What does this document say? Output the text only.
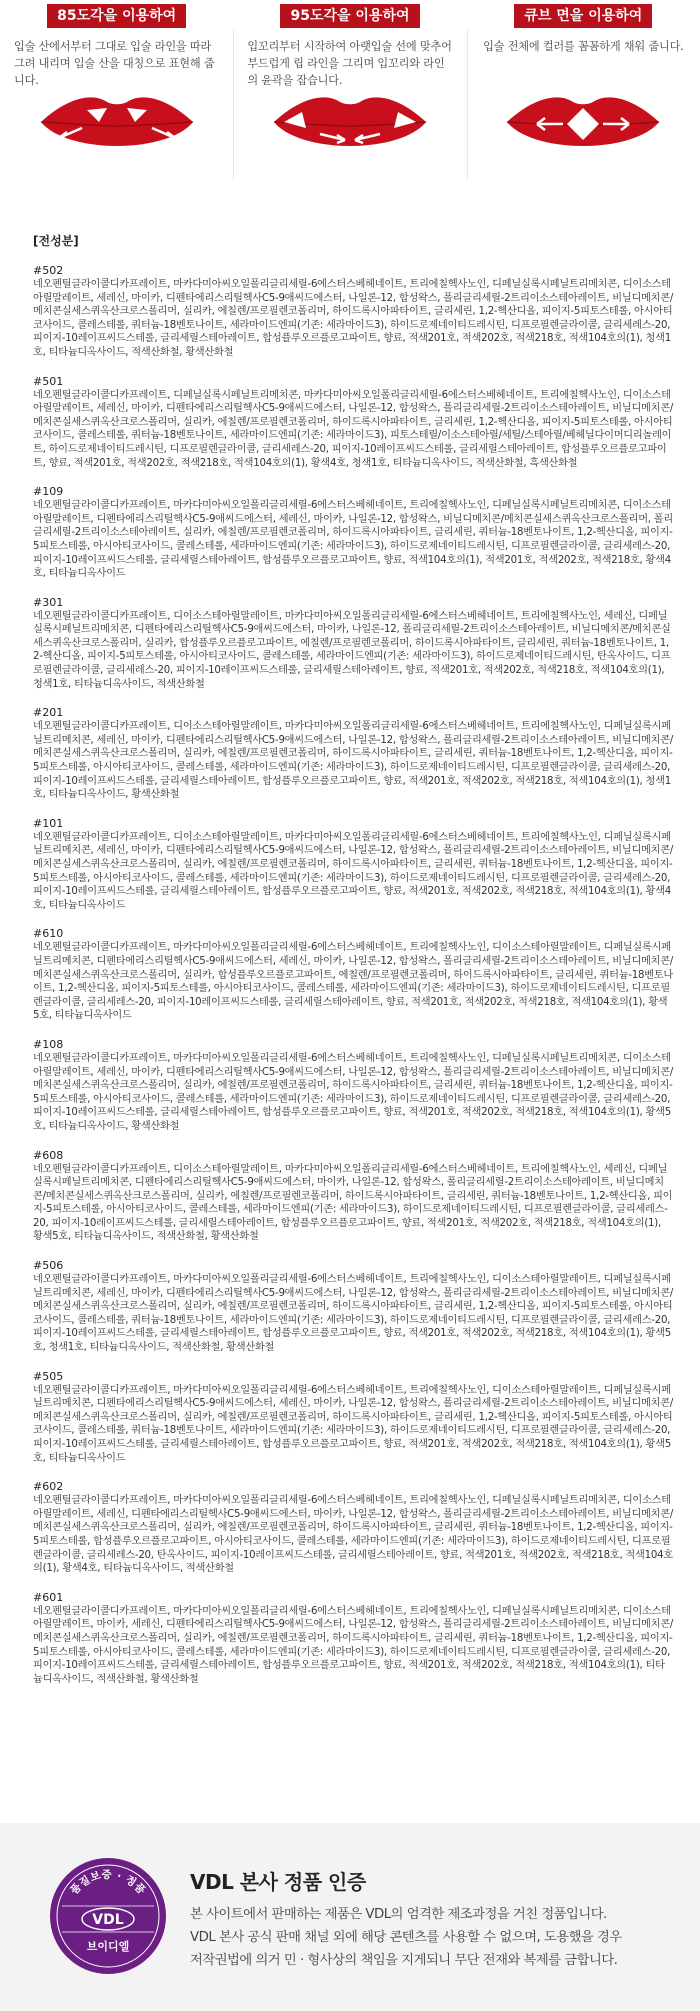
85도각을 이용하여
입술 산에서부터 그대로 입술 라인을 따라 그려 내리며 입술 산을 대칭으로 표현해 줍니다.
95도각을 이용하여
입꼬리부터 시작하여 아랫입술 선에 맞추어 부드럽게 립 라인을 그리며 입꼬리와 라인의 윤곽을 잡습니다.
큐브 면을 이용하여
입술 전체에 컬러를 꼼꼼하게 채워 줍니다.
[전성분]
#502
네오펜틸글라이콜디카프레이트, 마카다미아씨오일폴리글리세릴-6에스터스베헤네이트, 트리에칠헥사노인, 디페닐실록시페닐트리메치콘, 디이소스테아릴말레이트, 세레신, 마이카, 디펜타에리스리틸헥사C5-9애씨드에스터, 나일론-12, 합성왁스, 폴리글리세릴-2트리이소스테아레이트, 비닐디메치콘/메치콘실세스퀴옥산크로스폴리머, 실리카, 에칠렌/프로필렌코폴리머, 하이드록시아파타이트, 글리세린, 1,2-헥산디올, 피이지-5피토스테롤, 아시아티코사이드, 콜레스테롤, 쿼터늄-18벤토나이트, 세라마이드엔피(기존: 세라마이드3), 하이드로제네이티드레시틴, 디프로필렌글라이콜, 글리세레스-20, 피이지-10레이프씨드스테롤, 글리세릴스테아레이트, 합성플루오르플로고파이트, 향료, 적색201호, 적색202호, 적색218호, 적색104호의(1), 청색1호, 티타늄디옥사이드, 적색산화철, 황색산화철
#501
네오펜틸글라이콜디카프레이트, 디페닐실록시페닐트리메치콘, 마카다미아씨오일폴리글리세릴-6에스터스베헤네이트, 트리에칠헥사노인, 디이소스테아릴말레이트, 세레신, 마이카, 디펜타에리스리틸헥사C5-9애씨드에스터, 나일론-12, 합성왁스, 폴리글리세릴-2트리이소스테아레이트, 비닐디메치콘/메치콘실세스퀴옥산크로스폴리머, 실리카, 에칠렌/프로필렌코폴리머, 하이드록시아파타이트, 글리세린, 1,2-헥산디올, 피이지-5피토스테롤, 아시아티코사이드, 콜레스테롤, 쿼터늄-18벤토나이트, 세라마이드엔피(기존: 세라마이드3), 피토스테릴/이소스테아릴/세틸/스테아릴/베헤닐다이머디리놀레이트, 하이드로제네이티드레시틴, 디프로필렌글라이콜, 글리세레스-20, 피이지-10레이프씨드스테롤, 글리세릴스테아레이트, 합성플루오르플로고파이트, 향료, 적색201호, 적색202호, 적색218호, 적색104호의(1), 황색4호, 청색1호, 티타늄디옥사이드, 적색산화철, 흑색산화철
#109
네오펜틸글라이콜디카프레이트, 마카다미아씨오일폴리글리세릴-6에스터스베헤네이트, 트리에칠헥사노인, 디페닐실록시페닐트리메치콘, 디이소스테아릴말레이트, 디펜타에리스리틸헥사C5-9애씨드에스터, 세레신, 마이카, 나일론-12, 합성왁스, 비닐디메치콘/메치콘실세스퀴옥산크로스폴리머, 폴리글리세릴-2트리이소스테아레이트, 실리카, 에칠렌/프로필렌코폴리머, 하이드록시아파타이트, 글리세린, 쿼터늄-18벤토나이트, 1,2-헥산디올, 피이지-5피토스테롤, 아시아티코사이드, 콜레스테롤, 세라마이드엔피(기존: 세라마이드3), 하이드로제네이티드레시틴, 디프로필렌글라이콜, 글리세레스-20, 피이지-10레이프씨드스테롤, 글리세릴스테아레이트, 합성플루오르플로고파이트, 향료, 적색104호의(1), 적색201호, 적색202호, 적색218호, 황색4호, 티타늄디옥사이드
#301
네오펜틸글라이콜디카프레이트, 디이소스테아릴말레이트, 마카다미아씨오일폴리글리세릴-6에스터스베헤네이트, 트리에칠헥사노인, 세레신, 디페닐실록시페닐트리메치콘, 디펜타에리스리틸헥사C5-9애씨드에스터, 마이카, 나일론-12, 폴리글리세릴-2트리이소스테아레이트, 비닐디메치콘/메치콘실세스퀴옥산크로스폴리머, 실리카, 합성플루오르플로고파이트, 에칠렌/프로필렌코폴리머, 하이드록시아파타이트, 글리세린, 쿼터늄-18벤토나이트, 1,2-헥산디올, 피이지-5피토스테롤, 아시아티코사이드, 콜레스테롤, 세라마이드엔피(기존: 세라마이드3), 하이드로제네이티드레시틴, 탄옥사이드, 디프로필렌글라이콜, 글리세레스-20, 피이지-10레이프씨드스테롤, 글리세릴스테아레이트, 향료, 적색201호, 적색202호, 적색218호, 적색104호의(1), 청색1호, 티타늄디옥사이드, 적색산화철
#201
네오펜틸글라이콜디카프레이트, 디이소스테아릴말레이트, 마카다미아씨오일폴리글리세릴-6에스터스베헤네이트, 트리에칠헥사노인, 디페닐실록시페닐트리메치콘, 세레신, 마이카, 디펜타에리스리틸헥사C5-9애씨드에스터, 나일론-12, 합성왁스, 폴리글리세릴-2트리이소스테아레이트, 비닐디메치콘/메치콘실세스퀴옥산크로스폴리머, 실리카, 에칠렌/프로필렌코폴리머, 하이드록시아파타이트, 글리세린, 쿼터늄-18벤토나이트, 1,2-헥산디올, 피이지-5피토스테롤, 아시아티코사이드, 콜레스테롤, 세라마이드엔피(기존: 세라마이드3), 하이드로제네이티드레시틴, 디프로필렌글라이콜, 글리세레스-20, 피이지-10레이프씨드스테롤, 글리세릴스테아레이트, 합성플루오르플로고파이트, 향료, 적색201호, 적색202호, 적색218호, 적색104호의(1), 청색1호, 티타늄디옥사이드, 황색산화철
#101
네오펜틸글라이콜디카프레이트, 디이소스테아릴말레이트, 마카다미아씨오일폴리글리세릴-6에스터스베헤네이트, 트리에칠헥사노인, 디페닐실록시페닐트리메치콘, 세레신, 마이카, 디펜타에리스리틸헥사C5-9애씨드에스터, 나일론-12, 합성왁스, 폴리글리세릴-2트리이소스테아레이트, 비닐디메치콘/메치콘실세스퀴옥산크로스폴리머, 실리카, 에칠렌/프로필렌코폴리머, 하이드록시아파타이트, 글리세린, 쿼터늄-18벤토나이트, 1,2-헥산디올, 피이지-5피토스테롤, 아시아티코사이드, 콜레스테롤, 세라마이드엔피(기존: 세라마이드3), 하이드로제네이티드레시틴, 디프로필렌글라이콜, 글리세레스-20, 피이지-10레이프씨드스테롤, 글리세릴스테아레이트, 합성플루오르플로고파이트, 향료, 적색201호, 적색202호, 적색218호, 적색104호의(1), 황색4호, 티타늄디옥사이드
#610
네오펜틸글라이콜디카프레이트, 마카다미아씨오일폴리글리세릴-6에스터스베헤네이트, 트리에칠헥사노인, 디이소스테아릴말레이트, 디페닐실록시페닐트리메치콘, 디펜타에리스리틸헥사C5-9애씨드에스터, 세레신, 마이카, 나일론-12, 합성왁스, 폴리글리세릴-2트리이소스테아레이트, 비닐디메치콘/메치콘실세스퀴옥산크로스폴리머, 실리카, 합성플루오르플로고파이트, 에칠렌/프로필렌코폴리머, 하이드록시아파타이트, 글리세린, 쿼터늄-18벤토나이트, 1,2-헥산디올, 피이지-5피토스테롤, 아시아티코사이드, 콜레스테롤, 세라마이드엔피(기존: 세라마이드3), 하이드로제네이티드레시틴, 디프로필렌글라이콜, 글리세레스-20, 피이지-10레이프씨드스테롤, 글리세릴스테아레이트, 향료, 적색201호, 적색202호, 적색218호, 적색104호의(1), 황색5호, 티타늄디옥사이드
#108
네오펜틸글라이콜디카프레이트, 마카다미아씨오일폴리글리세릴-6에스터스베헤네이트, 트리에칠헥사노인, 디페닐실록시페닐트리메치콘, 디이소스테아릴말레이트, 세레신, 마이카, 디펜타에리스리틸헥사C5-9애씨드에스터, 나일론-12, 합성왁스, 폴리글리세릴-2트리이소스테아레이트, 비닐디메치콘/메치콘실세스퀴옥산크로스폴리머, 실리카, 에칠렌/프로필렌코폴리머, 하이드록시아파타이트, 글리세린, 쿼터늄-18벤토나이트, 1,2-헥산디올, 피이지-5피토스테롤, 아시아티코사이드, 콜레스테롤, 세라마이드엔피(기존: 세라마이드3), 하이드로제네이티드레시틴, 디프로필렌글라이콜, 글리세레스-20, 피이지-10레이프씨드스테롤, 글리세릴스테아레이트, 합성플루오르플로고파이트, 향료, 적색201호, 적색202호, 적색218호, 적색104호의(1), 황색5호, 티타늄디옥사이드, 황색산화철
#608
네오펜틸글라이콜디카프레이트, 디이소스테아릴말레이트, 마카다미아씨오일폴리글리세릴-6에스터스베헤네이트, 트리에칠헥사노인, 세레신, 디페닐실록시페닐트리메치콘, 디펜타에리스리틸헥사C5-9애씨드에스터, 마이카, 나일론-12, 합성왁스, 폴리글리세릴-2트리이소스테아레이트, 비닐디메치콘/메치콘실세스퀴옥산크로스폴리머, 실리카, 에칠렌/프로필렌코폴리머, 하이드록시아파타이트, 글리세린, 쿼터늄-18벤토나이트, 1,2-헥산디올, 피이지-5피토스테롤, 아시아티코사이드, 콜레스테롤, 세라마이드엔피(기존: 세라마이드3), 하이드로제네이티드레시틴, 디프로필렌글라이콜, 글리세레스-20, 피이지-10레이프씨드스테롤, 글리세릴스테아레이트, 합성플루오르플로고파이트, 향료, 적색201호, 적색202호, 적색218호, 적색104호의(1), 황색5호, 티타늄디옥사이드, 적색산화철, 황색산화철
#506
네오펜틸글라이콜디카프레이트, 마카다미아씨오일폴리글리세릴-6에스터스베헤네이트, 트리에칠헥사노인, 디이소스테아릴말레이트, 디페닐실록시페닐트리메치콘, 세레신, 마이카, 디펜타에리스리틸헥사C5-9애씨드에스터, 나일론-12, 합성왁스, 폴리글리세릴-2트리이소스테아레이트, 비닐디메치콘/메치콘실세스퀴옥산크로스폴리머, 실리카, 에칠렌/프로필렌코폴리머, 하이드록시아파타이트, 글리세린, 1,2-헥산디올, 피이지-5피토스테롤, 아시아티코사이드, 콜레스테롤, 쿼터늄-18벤토나이트, 세라마이드엔피(기존: 세라마이드3), 하이드로제네이티드레시틴, 디프로필렌글라이콜, 글리세레스-20, 피이지-10레이프씨드스테롤, 글리세릴스테아레이트, 합성플루오르플로고파이트, 향료, 적색201호, 적색202호, 적색218호, 적색104호의(1), 황색5호, 청색1호, 티타늄디옥사이드, 적색산화철, 황색산화철
#505
네오펜틸글라이콜디카프레이트, 마카다미아씨오일폴리글리세릴-6에스터스베헤네이트, 트리에칠헥사노인, 디이소스테아릴말레이트, 디페닐실록시페닐트리메치콘, 디펜타에리스리틸헥사C5-9애씨드에스터, 세레신, 마이카, 나일론-12, 합성왁스, 폴리글리세릴-2트리이소스테아레이트, 비닐디메치콘/메치콘실세스퀴옥산크로스폴리머, 실리카, 에칠렌/프로필렌코폴리머, 하이드록시아파타이트, 글리세린, 1,2-헥산디올, 피이지-5피토스테롤, 아시아티코사이드, 콜레스테롤, 쿼터늄-18벤토나이트, 세라마이드엔피(기존: 세라마이드3), 하이드로제네이티드레시틴, 디프로필렌글라이콜, 글리세레스-20, 피이지-10레이프씨드스테롤, 글리세릴스테아레이트, 합성플루오르플로고파이트, 향료, 적색201호, 적색202호, 적색218호, 적색104호의(1), 황색5호, 티타늄디옥사이드
#602
네오펜틸글라이콜디카프레이트, 마카다미아씨오일폴리글리세릴-6에스터스베헤네이트, 트리에칠헥사노인, 디페닐실록시페닐트리메치콘, 디이소스테아릴말레이트, 세레신, 디펜타에리스리틸헥사C5-9애씨드에스터, 마이카, 나일론-12, 합성왁스, 폴리글리세릴-2트리이소스테아레이트, 비닐디메치콘/메치콘실세스퀴옥산크로스폴리머, 실리카, 에칠렌/프로필렌코폴리머, 하이드록시아파타이트, 글리세린, 쿼터늄-18벤토나이트, 1,2-헥산디올, 피이지-5피토스테롤, 합성플루오르플로고파이트, 아시아티코사이드, 콜레스테롤, 세라마이드엔피(기존: 세라마이드3), 하이드로제네이티드레시틴, 디프로필렌글라이콜, 글리세레스-20, 탄옥사이드, 피이지-10레이프씨드스테롤, 글리세릴스테아레이트, 향료, 적색201호, 적색202호, 적색218호, 적색104호의(1), 황색4호, 티타늄디옥사이드, 적색산화철
#601
네오펜틸글라이콜디카프레이트, 마카다미아씨오일폴리글리세릴-6에스터스베헤네이트, 트리에칠헥사노인, 디페닐실록시페닐트리메치콘, 디이소스테아릴말레이트, 마이카, 세레신, 디펜타에리스리틸헥사C5-9애씨드에스터, 나일론-12, 합성왁스, 폴리글리세릴-2트리이소스테아레이트, 비닐디메치콘/메치콘실세스퀴옥산크로스폴리머, 실리카, 에칠렌/프로필렌코폴리머, 하이드록시아파타이트, 글리세린, 쿼터늄-18벤토나이트, 1,2-헥산디올, 피이지-5피토스테롤, 아시아티코사이드, 콜레스테롤, 세라마이드엔피(기존: 세라마이드3), 하이드로제네이티드레시틴, 디프로필렌글라이콜, 글리세레스-20, 피이지-10레이프씨드스테롤, 글리세릴스테아레이트, 합성플루오르플로고파이트, 향료, 적색201호, 적색202호, 적색218호, 적색104호의(1), 티타늄디옥사이드, 적색산화철, 황색산화철
품질보증 · 정품
VDL
브이디엘
VDL 본사 정품 인증
본 사이트에서 판매하는 제품은 VDL의 엄격한 제조과정을 거친 정품입니다.
VDL 본사 공식 판매 채널 외에 해당 콘텐츠를 사용할 수 없으며, 도용했을 경우
저작권법에 의거 민 · 형사상의 책임을 지게되니 무단 전재와 복제를 금합니다.
